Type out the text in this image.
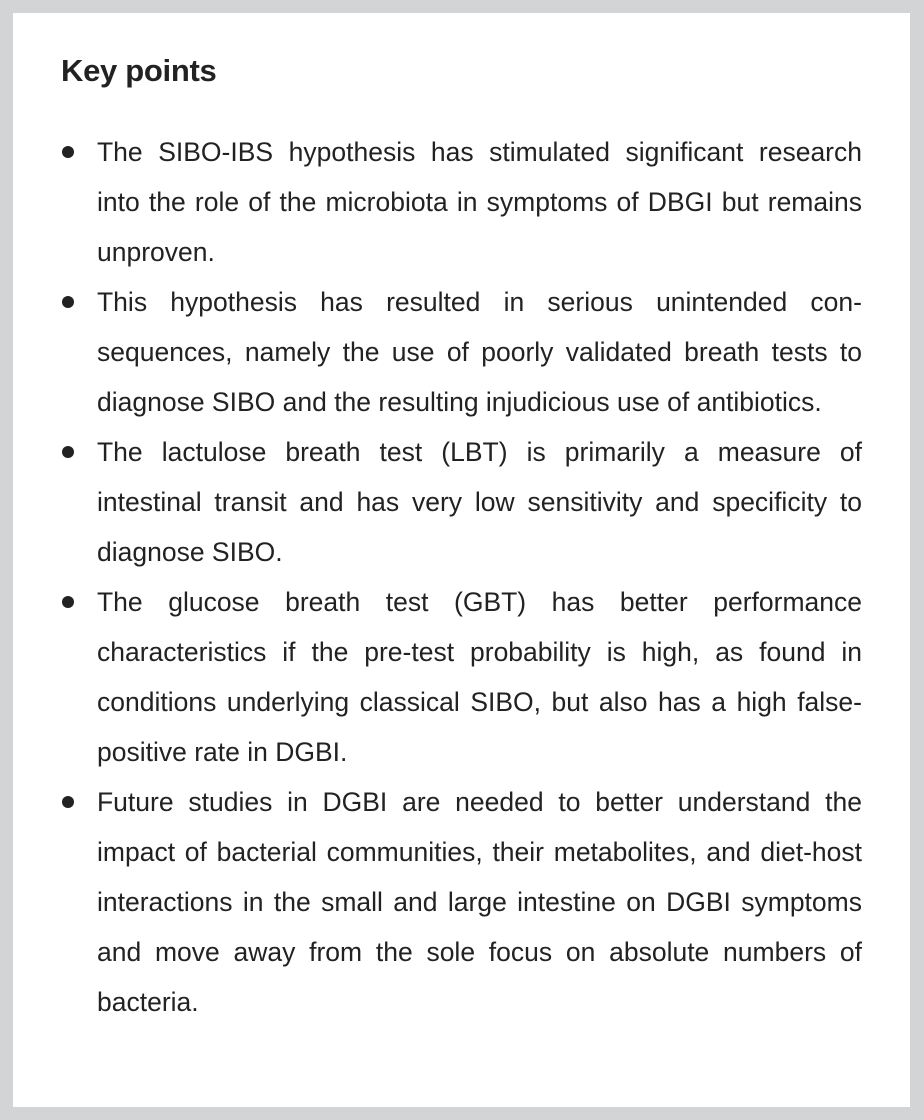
Key points
The SIBO-IBS hypothesis has stimulated significant research into the role of the microbiota in symptoms of DBGI but remains unproven.
This hypothesis has resulted in serious unintended consequences, namely the use of poorly validated breath tests to diagnose SIBO and the resulting injudicious use of antibiotics.
The lactulose breath test (LBT) is primarily a measure of intestinal transit and has very low sensitivity and specificity to diagnose SIBO.
The glucose breath test (GBT) has better performance characteristics if the pre-test probability is high, as found in conditions underlying classical SIBO, but also has a high false-positive rate in DGBI.
Future studies in DGBI are needed to better understand the impact of bacterial communities, their metabolites, and diet-host interactions in the small and large intestine on DGBI symptoms and move away from the sole focus on absolute numbers of bacteria.
